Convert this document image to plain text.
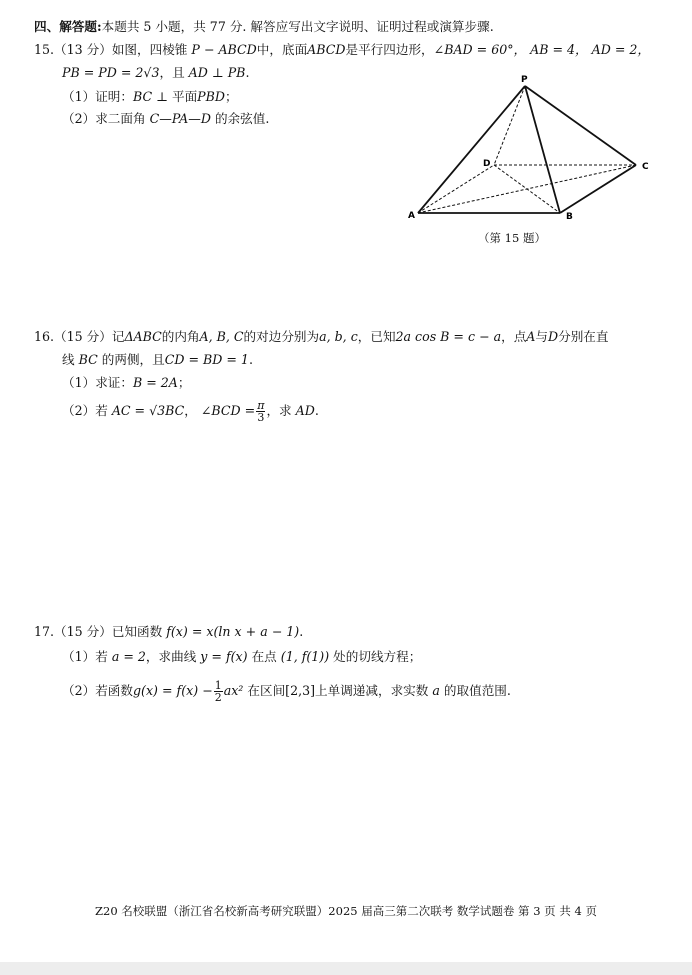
四、解答题:本题共 5 小题，共 77 分. 解答应写出文字说明、证明过程或演算步骤.
15.（13 分）如图，四棱锥 P − ABCD中，底面ABCD是平行四边形，∠BAD = 60°， AB = 4， AD = 2，
PB = PD = 2√3，且 AD ⊥ PB.
（1）证明：BC ⊥ 平面PBD；
（2）求二面角 C—PA—D 的余弦值.
P
A	B
C
D
（第 15 题）
16.（15 分）记ΔABC的内角A, B, C的对边分别为a, b, c，已知2a cos B = c − a，点A与D分别在直
线 BC 的两侧，且CD = BD = 1.
（1）求证：B = 2A；
（2）若 AC = √3BC， ∠BCD = $\frac{\pi}{3}$ ，求 AD.
17.（15 分）已知函数 f(x) = x(ln x + a − 1).
（1）若 a = 2，求曲线 y = f(x) 在点 (1, f(1)) 处的切线方程；
（2）若函数$g(x) = f(x) - \frac{1}{2} ax^2$ 在区间[2,3]上单调递减，求实数 a 的取值范围.
Z20 名校联盟（浙江省名校新高考研究联盟）2025 届高三第二次联考 数学试题卷 第 3 页 共 4 页
